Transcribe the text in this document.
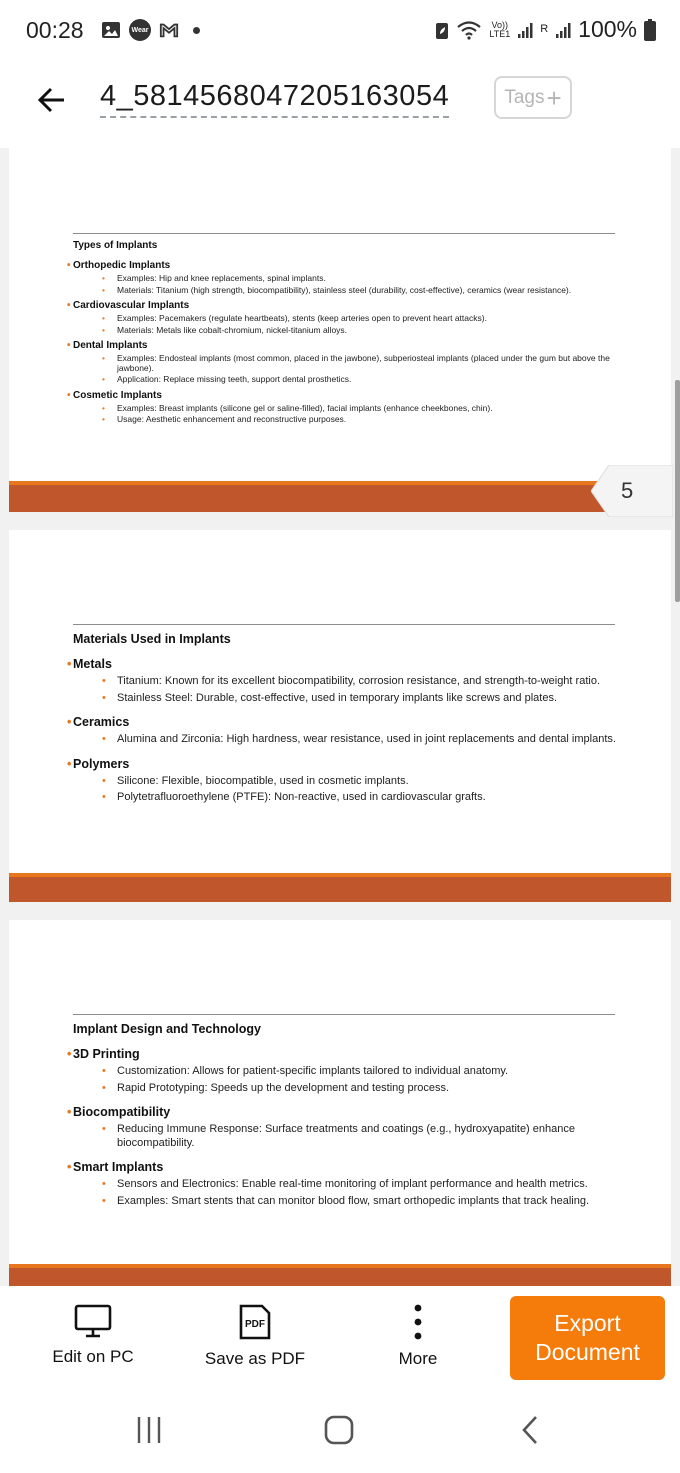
00:28	Wear
Vo))
LTE1	R 100%
4_5814568047205163054	Tags +
Types of Implants
• Orthopedic Implants
• Examples: Hip and knee replacements, spinal implants.
• Materials: Titanium (high strength, biocompatibility), stainless steel (durability, cost-effective), ceramics (wear resistance).
• Cardiovascular Implants
• Examples: Pacemakers (regulate heartbeats), stents (keep arteries open to prevent heart attacks).
• Materials: Metals like cobalt-chromium, nickel-titanium alloys.
• Dental Implants
• Examples: Endosteal implants (most common, placed in the jawbone), subperiosteal implants (placed under the gum but above the jawbone).
• Application: Replace missing teeth, support dental prosthetics.
• Cosmetic Implants
• Examples: Breast implants (silicone gel or saline-filled), facial implants (enhance cheekbones, chin).
• Usage: Aesthetic enhancement and reconstructive purposes.
5
Materials Used in Implants
• Metals
• Titanium: Known for its excellent biocompatibility, corrosion resistance, and strength-to-weight ratio.
• Stainless Steel: Durable, cost-effective, used in temporary implants like screws and plates.
• Ceramics
• Alumina and Zirconia: High hardness, wear resistance, used in joint replacements and dental implants.
• Polymers
• Silicone: Flexible, biocompatible, used in cosmetic implants.
• Polytetrafluoroethylene (PTFE): Non-reactive, used in cardiovascular grafts.
Implant Design and Technology
• 3D Printing
• Customization: Allows for patient-specific implants tailored to individual anatomy.
• Rapid Prototyping: Speeds up the development and testing process.
• Biocompatibility
• Reducing Immune Response: Surface treatments and coatings (e.g., hydroxyapatite) enhance biocompatibility.
• Smart Implants
• Sensors and Electronics: Enable real-time monitoring of implant performance and health metrics.
• Examples: Smart stents that can monitor blood flow, smart orthopedic implants that track healing.
Edit on PC
PDF
Save as PDF	More
Export
Document
